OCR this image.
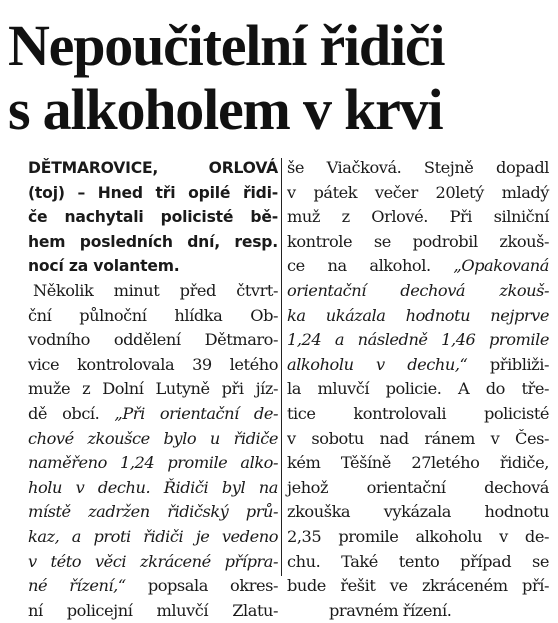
Nepoučitelní řidiči
s alkoholem v krvi
DĚTMAROVICE, ORLOVÁ
(toj) – Hned tři opilé řidi-
če nachytali policisté bě-
hem posledních dní, resp.
nocí za volantem.
Několik minut před čtvrt-
ční půlnoční hlídka Ob-
vodního oddělení Dětmaro-
vice kontrolovala 39 letého
muže z Dolní Lutyně při jíz-
dě obcí. „Při orientační de-
chové zkoušce bylo u řidiče
naměřeno 1,24 promile alko-
holu v dechu. Řidiči byl na
místě zadržen řidičský prů-
kaz, a proti řidiči je vedeno
v této věci zkrácené přípra-
né řízení,“ popsala okres-
ní policejní mluvčí Zlatu-
še Viačková. Stejně dopadl
v pátek večer 20letý mladý
muž z Orlové. Při silniční
kontrole se podrobil zkouš-
ce na alkohol. „Opakovaná
orientační dechová zkouš-
ka ukázala hodnotu nejprve
1,24 a následně 1,46 promile
alkoholu v dechu,“ přibliži-
la mluvčí policie. A do tře-
tice kontrolovali policisté
v sobotu nad ránem v Čes-
kém Těšíně 27letého řidiče,
jehož orientační dechová
zkouška vykázala hodnotu
2,35 promile alkoholu v de-
chu. Také tento případ se
bude řešit ve zkráceném pří-
pravném řízení.
